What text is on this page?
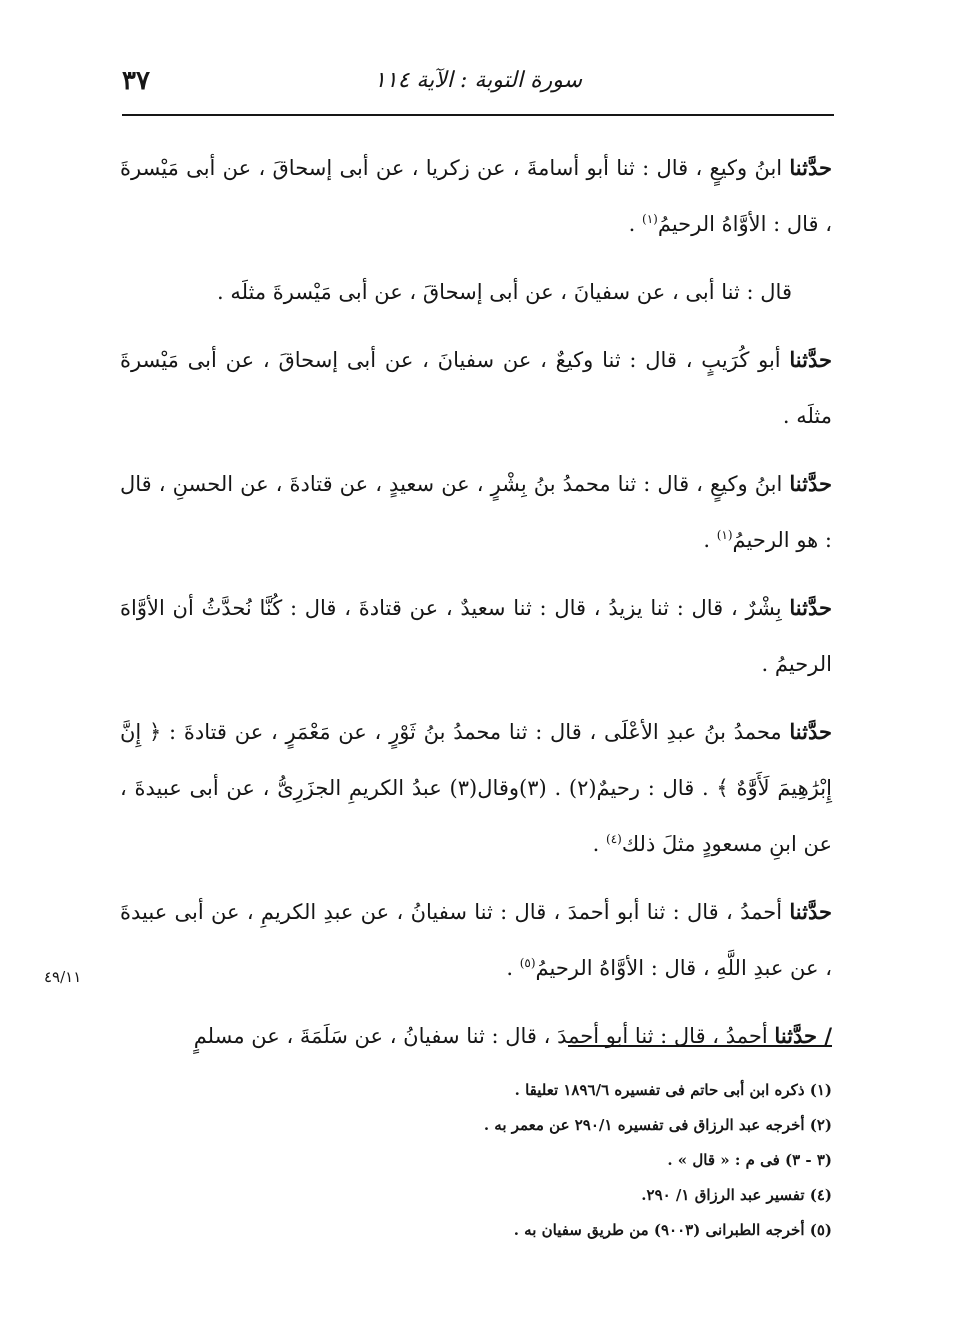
٣٧	سورة التوبة : الآية ١١٤

حدَّثنا ابنُ وكيعٍ ، قال : ثنا أبو أسامةَ ، عن زكريا ، عن أبى إسحاقَ ، عن أبى مَيْسرةَ ، قال : الأوَّاهُ الرحيمُ$^{(١)}$ .

قال : ثنا أبى ، عن سفيانَ ، عن أبى إسحاقَ ، عن أبى مَيْسرةَ مثلَه .

حدَّثنا أبو كُرَيبٍ ، قال : ثنا وكيعٌ ، عن سفيانَ ، عن أبى إسحاقَ ، عن أبى مَيْسرةَ مثلَه .

حدَّثنا ابنُ وكيعٍ ، قال : ثنا محمدُ بنُ بِشْرٍ ، عن سعيدٍ ، عن قتادةَ ، عن الحسنِ ، قال : هو الرحيمُ$^{(١)}$ .

حدَّثنا بِشْرٌ ، قال : ثنا يزيدُ ، قال : ثنا سعيدٌ ، عن قتادةَ ، قال : كُنَّا نُحدَّثُ أن الأوَّاهَ الرحيمُ .

حدَّثنا محمدُ بنُ عبدِ الأعْلَى ، قال : ثنا محمدُ بنُ ثَوْرٍ ، عن مَعْمَرٍ ، عن قتادةَ : ﴿ إِنَّ إِبْرَٰهِيمَ لَأَوَّٰهٌ ﴾ . قال : رحيمٌ(٢) . (٣)وقال(٣) عبدُ الكريمِ الجزَرِىُّ ، عن أبى عبيدةَ ، عن ابنِ مسعودٍ مثلَ ذلك$^{(٤)}$ .

حدَّثنا أحمدُ ، قال : ثنا أبو أحمدَ ، قال : ثنا سفيانُ ، عن عبدِ الكريمِ ، عن أبى عبيدةَ ، عن عبدِ اللَّهِ ، قال : الأوَّاهُ الرحيمُ$^{(٥)}$ .

/ حدَّثنا أحمدُ ، قال : ثنا أبو أحمدَ ، قال : ثنا سفيانُ ، عن سَلَمَةَ ، عن مسلمٍ

٤٩/١١
(١) ذكره ابن أبى حاتم فى تفسيره ١٨٩٦/٦ تعليقا .
(٢) أخرجه عبد الرزاق فى تفسيره ٢٩٠/١ عن معمر به .
(٣ - ٣) فى م : « قال » .
(٤) تفسير عبد الرزاق ١/ ٢٩٠.
(٥) أخرجه الطبرانى (٩٠٠٣) من طريق سفيان به .
